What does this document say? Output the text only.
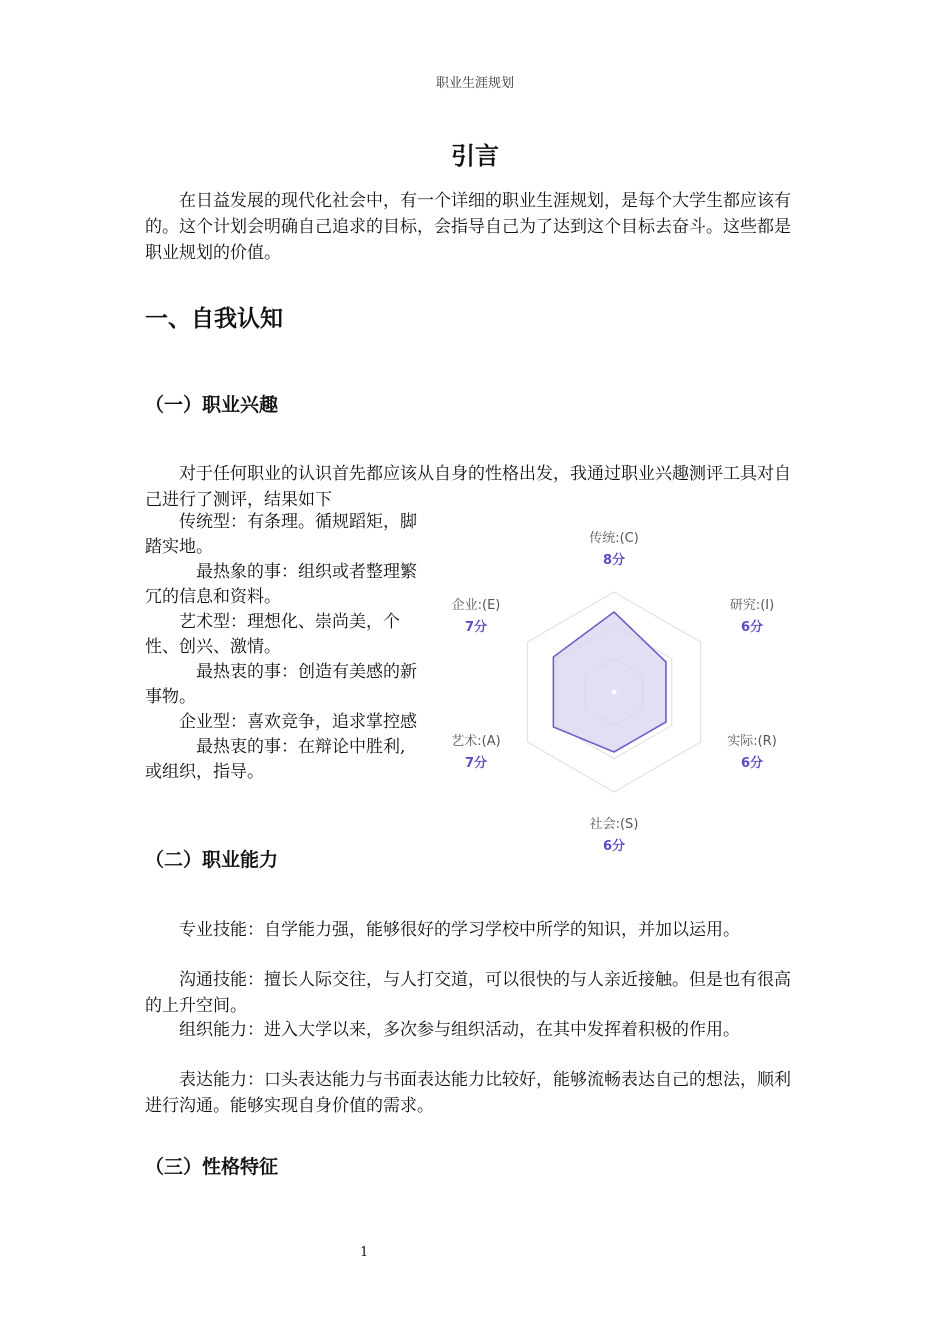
职业生涯规划
引言

在日益发展的现代化社会中，有一个详细的职业生涯规划，是每个大学生都应该有的。这个计划会明确自己追求的目标，会指导自己为了达到这个目标去奋斗。这些都是职业规划的价值。

一、自我认知
（一）职业兴趣

对于任何职业的认识首先都应该从自身的性格出发，我通过职业兴趣测评工具对自己进行了测评，结果如下

传统型：有条理。循规蹈矩，脚踏实地。

最热象的事：组织或者整理繁冗的信息和资料。

艺术型：理想化、崇尚美，个性、创兴、激情。

最热衷的事：创造有美感的新事物。

企业型：喜欢竞争，追求掌控感

最热衷的事：在辩论中胜利,或组织，指导。

传统:(C)
8分
研究:(I)
6分
实际:(R)
6分
社会:(S)
6分
艺术:(A)
7分
企业:(E)
7分
（二）职业能力

专业技能：自学能力强，能够很好的学习学校中所学的知识，并加以运用。

沟通技能：擅长人际交往，与人打交道，可以很快的与人亲近接触。但是也有很高的上升空间。

组织能力：进入大学以来，多次参与组织活动，在其中发挥着积极的作用。

表达能力：口头表达能力与书面表达能力比较好，能够流畅表达自己的想法，顺利进行沟通。能够实现自身价值的需求。

（三）性格特征
1
